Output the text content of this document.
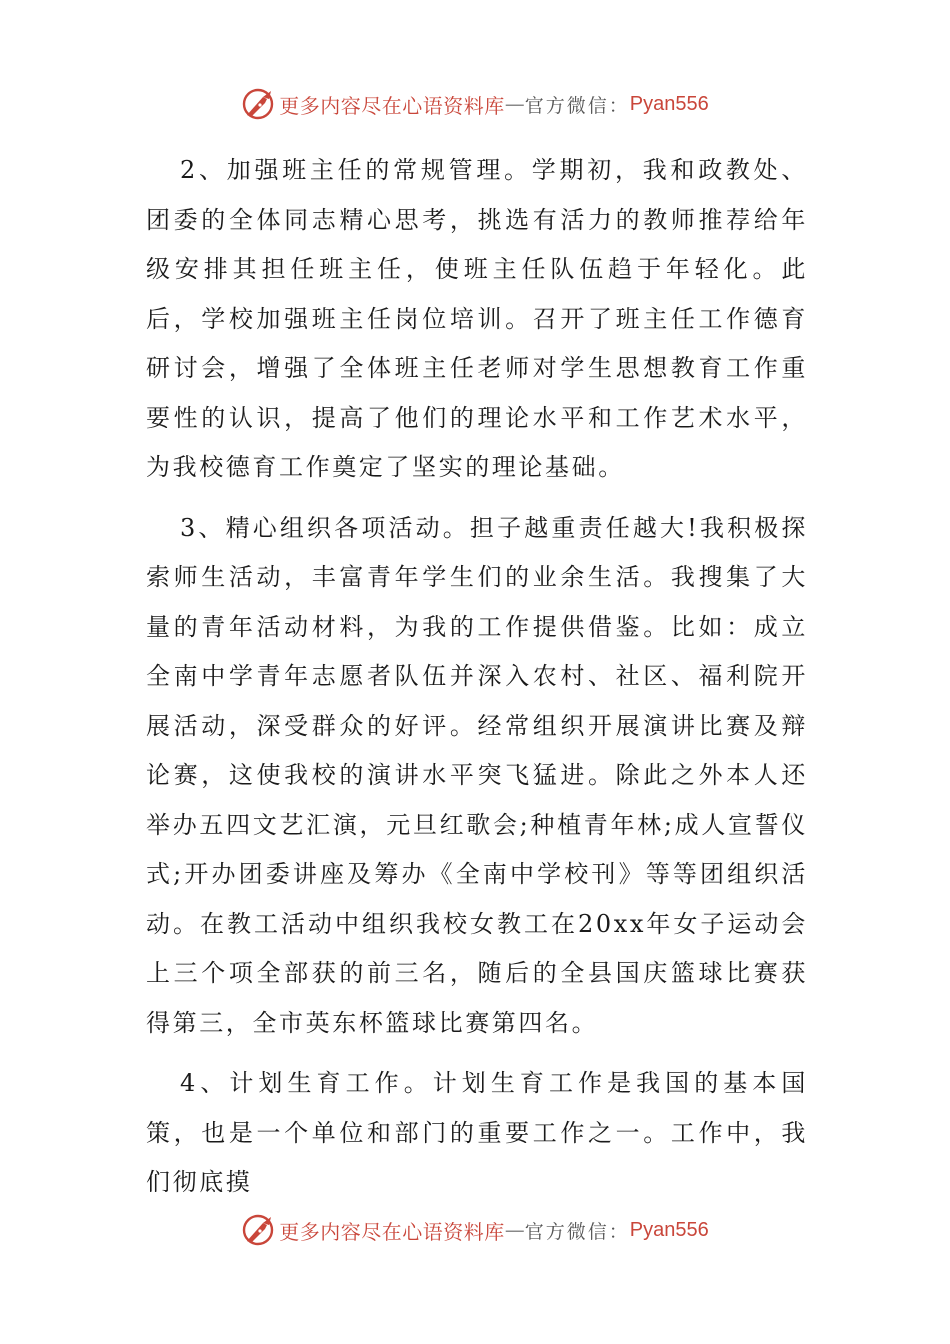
更多内容尽在心语资料库 — 官方微信： Pyan556

2、加强班主任的常规管理。学期初，我和政教处、团委的全体同志精心思考，挑选有活力的教师推荐给年级安排其担任班主任，使班主任队伍趋于年轻化。此后，学校加强班主任岗位培训。召开了班主任工作德育研讨会，增强了全体班主任老师对学生思想教育工作重要性的认识，提高了他们的理论水平和工作艺术水平，为我校德育工作奠定了坚实的理论基础。

3、精心组织各项活动。担子越重责任越大!我积极探索师生活动，丰富青年学生们的业余生活。我搜集了大量的青年活动材料，为我的工作提供借鉴。比如：成立全南中学青年志愿者队伍并深入农村、社区、福利院开展活动，深受群众的好评。经常组织开展演讲比赛及辩论赛，这使我校的演讲水平突飞猛进。除此之外本人还举办五四文艺汇演，元旦红歌会;种植青年林;成人宣誓仪式;开办团委讲座及筹办《全南中学校刊》等等团组织活动。在教工活动中组织我校女教工在20xx年女子运动会上三个项全部获的前三名，随后的全县国庆篮球比赛获得第三，全市英东杯篮球比赛第四名。

4、计划生育工作。计划生育工作是我国的基本国策，也是一个单位和部门的重要工作之一。工作中，我们彻底摸

更多内容尽在心语资料库 — 官方微信： Pyan556
